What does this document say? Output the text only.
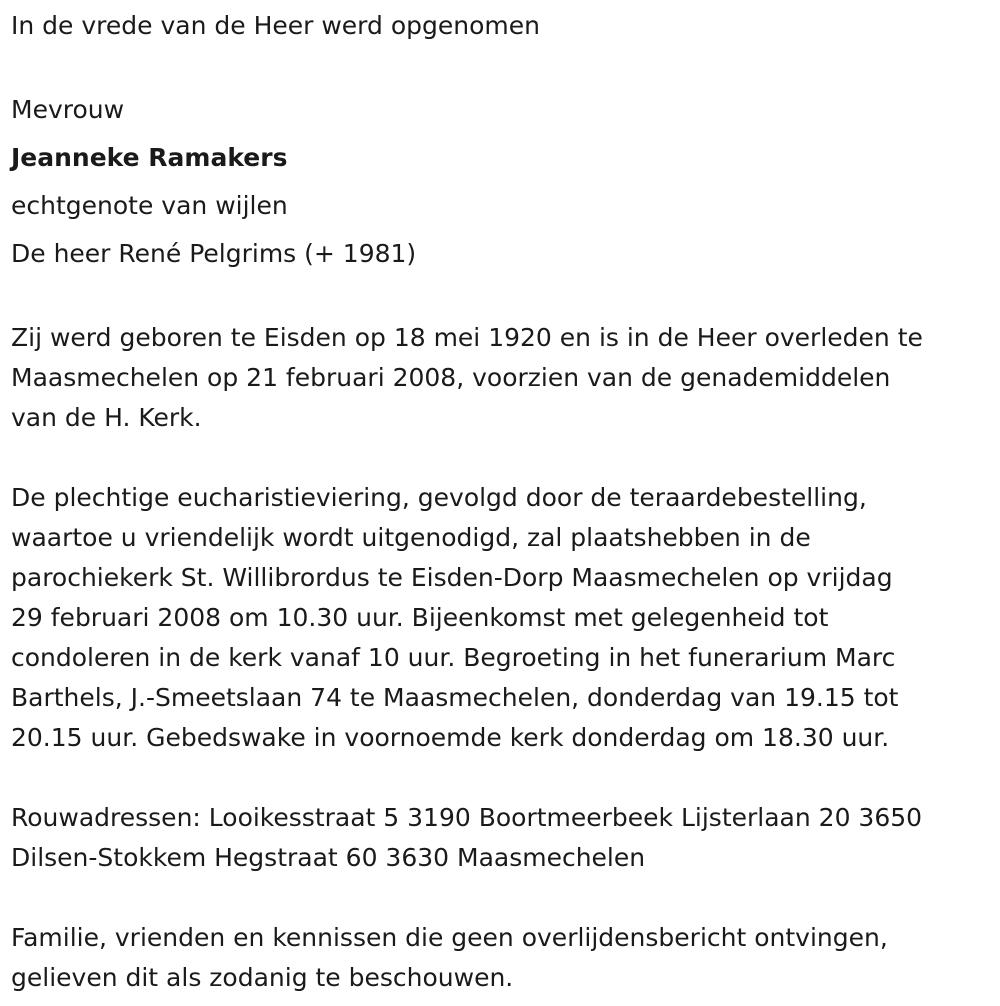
In de vrede van de Heer werd opgenomen

Mevrouw

Jeanneke Ramakers

echtgenote van wijlen

De heer René Pelgrims (+ 1981)

Zij werd geboren te Eisden op 18 mei 1920 en is in de Heer overleden te
Maasmechelen op 21 februari 2008, voorzien van de genademiddelen
van de H. Kerk.

De plechtige eucharistieviering, gevolgd door de teraardebestelling,
waartoe u vriendelijk wordt uitgenodigd, zal plaatshebben in de
parochiekerk St. Willibrordus te Eisden-Dorp Maasmechelen op vrijdag
29 februari 2008 om 10.30 uur. Bijeenkomst met gelegenheid tot
condoleren in de kerk vanaf 10 uur. Begroeting in het funerarium Marc
Barthels, J.-Smeetslaan 74 te Maasmechelen, donderdag van 19.15 tot
20.15 uur. Gebedswake in voornoemde kerk donderdag om 18.30 uur.

Rouwadressen: Looikesstraat 5 3190 Boortmeerbeek Lijsterlaan 20 3650
Dilsen-Stokkem Hegstraat 60 3630 Maasmechelen

Familie, vrienden en kennissen die geen overlijdensbericht ontvingen,
gelieven dit als zodanig te beschouwen.
